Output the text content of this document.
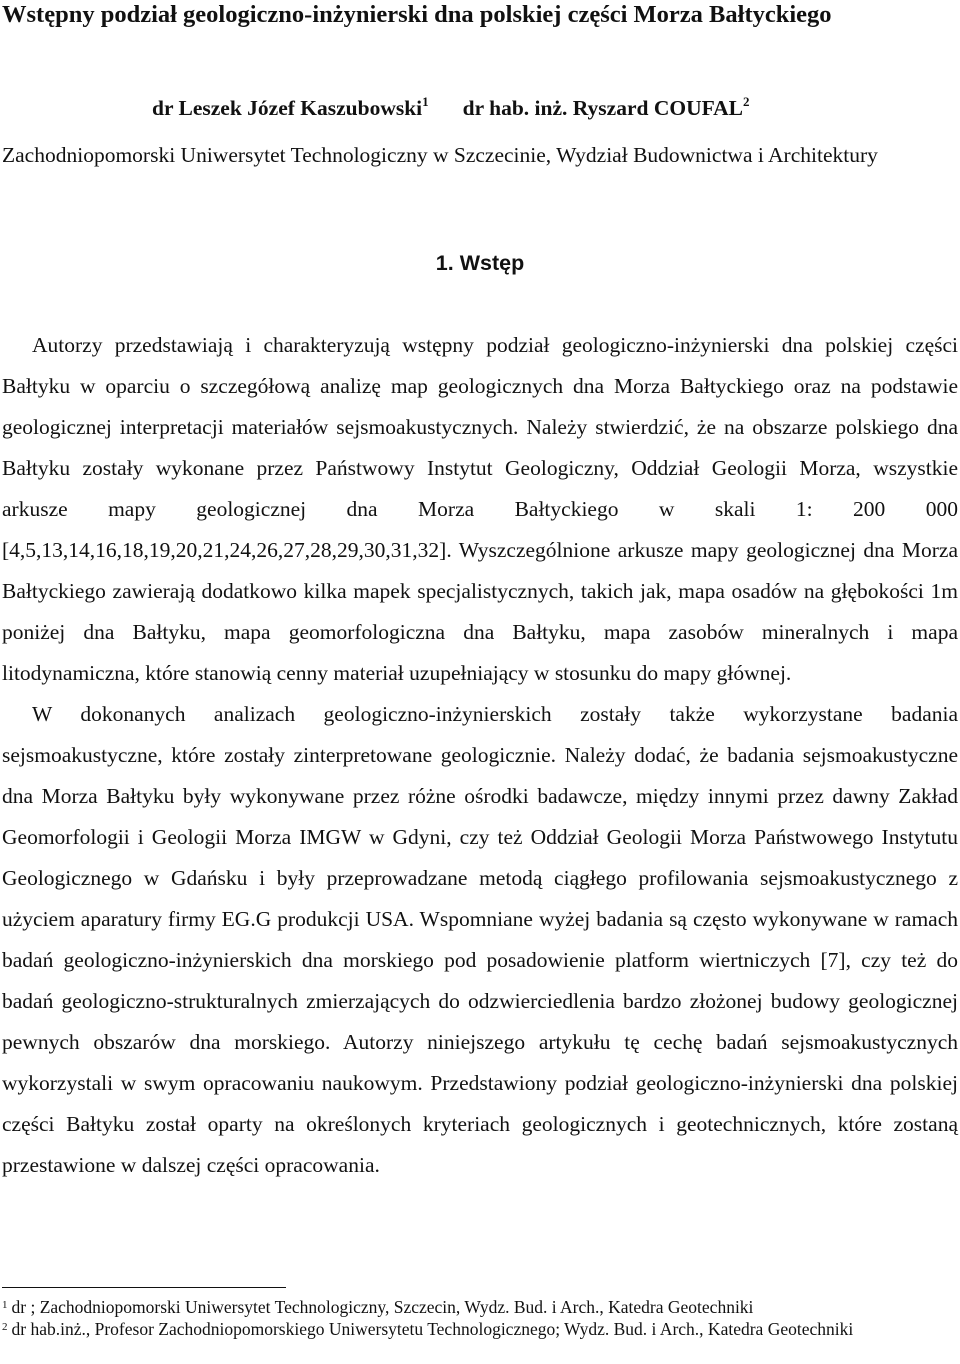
Wstępny podział geologiczno-inżynierski dna polskiej części Morza Bałtyckiego
dr Leszek Józef Kaszubowski$^1$ dr hab. inż. Ryszard COUFAL$^2$
Zachodniopomorski Uniwersytet Technologiczny w Szczecinie, Wydział Budownictwa i Architektury
1. Wstęp

Autorzy przedstawiają i charakteryzują wstępny podział geologiczno-inżynierski dna polskiej części Bałtyku w oparciu o szczegółową analizę map geologicznych dna Morza Bałtyckiego oraz na podstawie geologicznej interpretacji materiałów sejsmoakustycznych. Należy stwierdzić, że na obszarze polskiego dna Bałtyku zostały wykonane przez Państwowy Instytut Geologiczny, Oddział Geologii Morza, wszystkie arkusze mapy geologicznej dna Morza Bałtyckiego w skali 1: 200 000 [4,5,13,14,16,18,19,20,21,24,26,27,28,29,30,31,32]. Wyszczególnione arkusze mapy geologicznej dna Morza Bałtyckiego zawierają dodatkowo kilka mapek specjalistycznych, takich jak, mapa osadów na głębokości 1m poniżej dna Bałtyku, mapa geomorfologiczna dna Bałtyku, mapa zasobów mineralnych i mapa litodynamiczna, które stanowią cenny materiał uzupełniający w stosunku do mapy głównej.

W dokonanych analizach geologiczno-inżynierskich zostały także wykorzystane badania sejsmoakustyczne, które zostały zinterpretowane geologicznie. Należy dodać, że badania sejsmoakustyczne dna Morza Bałtyku były wykonywane przez różne ośrodki badawcze, między innymi przez dawny Zakład Geomorfologii i Geologii Morza IMGW w Gdyni, czy też Oddział Geologii Morza Państwowego Instytutu Geologicznego w Gdańsku i były przeprowadzane metodą ciągłego profilowania sejsmoakustycznego z użyciem aparatury firmy EG.G produkcji USA. Wspomniane wyżej badania są często wykonywane w ramach badań geologiczno-inżynierskich dna morskiego pod posadowienie platform wiertniczych [7], czy też do badań geologiczno-strukturalnych zmierzających do odzwierciedlenia bardzo złożonej budowy geologicznej pewnych obszarów dna morskiego. Autorzy niniejszego artykułu tę cechę badań sejsmoakustycznych wykorzystali w swym opracowaniu naukowym. Przedstawiony podział geologiczno-inżynierski dna polskiej części Bałtyku został oparty na określonych kryteriach geologicznych i geotechnicznych, które zostaną przestawione w dalszej części opracowania.

$^1$ dr ; Zachodniopomorski Uniwersytet Technologiczny, Szczecin, Wydz. Bud. i Arch., Katedra Geotechniki
$^2$ dr hab.inż., Profesor Zachodniopomorskiego Uniwersytetu Technologicznego; Wydz. Bud. i Arch., Katedra Geotechniki
